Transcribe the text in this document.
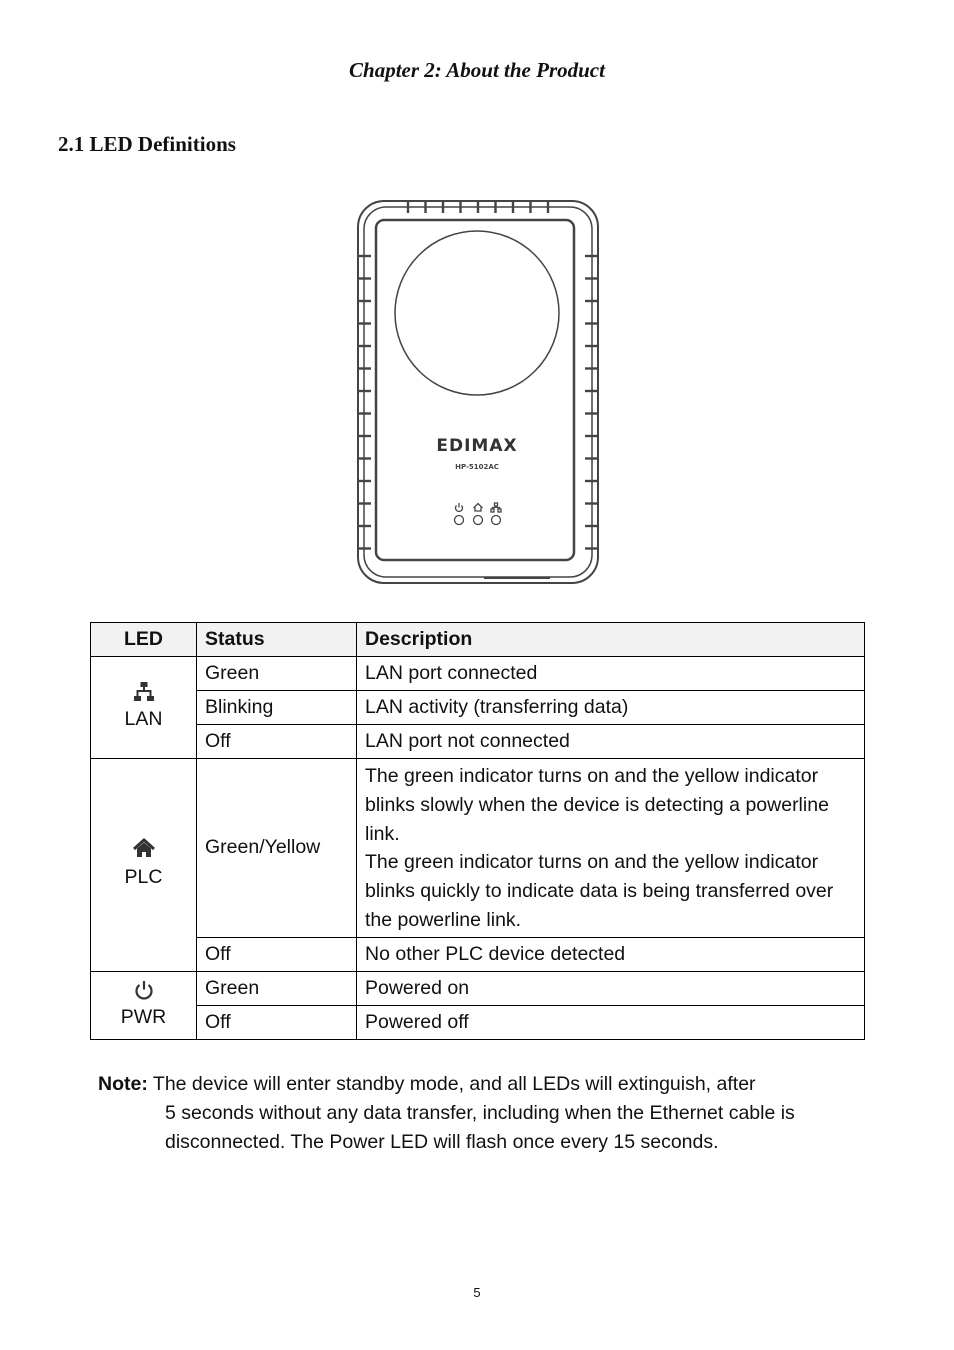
Chapter 2: About the Product
2.1 LED Definitions
EDIMAX
HP-5102AC
LED	Status	Description

LAN	Green	LAN port connected
	Blinking	LAN activity (transferring data)
	Off	LAN port not connected

PLC	Green/Yellow	The green indicator turns on and the yellow indicator blinks slowly when the device is detecting a powerline link.
The green indicator turns on and the yellow indicator blinks quickly to indicate data is being transferred over the powerline link.

	Off	No other PLC device detected

PWR	Green	Powered on
	Off	Powered off
Note: The device will enter standby mode, and all LEDs will extinguish, after
5 seconds without any data transfer, including when the Ethernet cable is
disconnected. The Power LED will flash once every 15 seconds.
5
